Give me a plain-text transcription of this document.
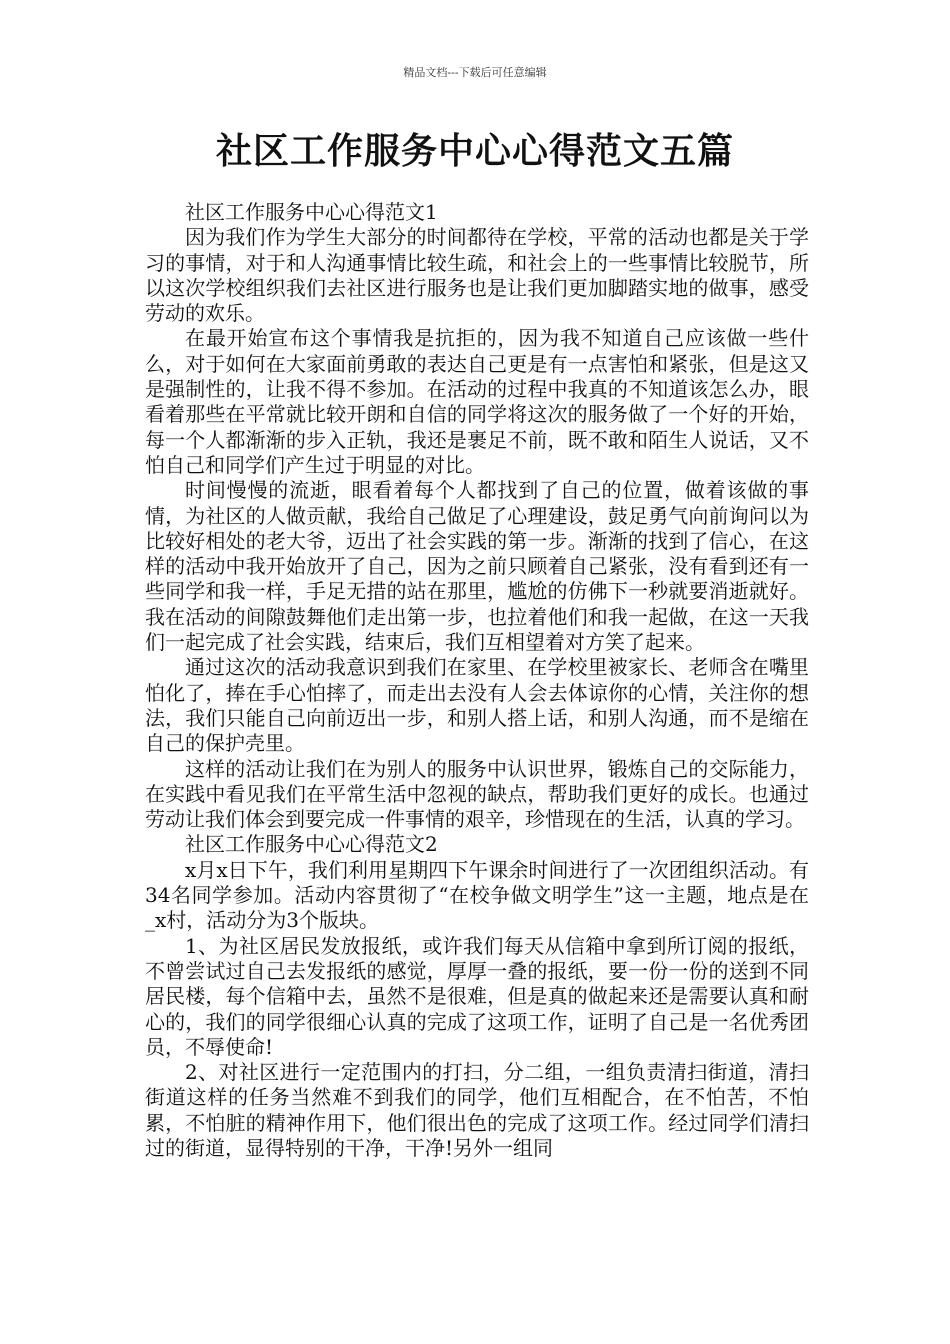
精品文档---下载后可任意编辑
社区工作服务中心心得范文五篇

社区工作服务中心心得范文1

因为我们作为学生大部分的时间都待在学校，平常的活动也都是关于学习的事情，对于和人沟通事情比较生疏，和社会上的一些事情比较脱节，所以这次学校组织我们去社区进行服务也是让我们更加脚踏实地的做事，感受劳动的欢乐。

在最开始宣布这个事情我是抗拒的，因为我不知道自己应该做一些什么，对于如何在大家面前勇敢的表达自己更是有一点害怕和紧张，但是这又是强制性的，让我不得不参加。在活动的过程中我真的不知道该怎么办，眼看着那些在平常就比较开朗和自信的同学将这次的服务做了一个好的开始，每一个人都渐渐的步入正轨，我还是裹足不前，既不敢和陌生人说话，又不怕自己和同学们产生过于明显的对比。

时间慢慢的流逝，眼看着每个人都找到了自己的位置，做着该做的事情，为社区的人做贡献，我给自己做足了心理建设，鼓足勇气向前询问以为比较好相处的老大爷，迈出了社会实践的第一步。渐渐的找到了信心，在这样的活动中我开始放开了自己，因为之前只顾着自己紧张，没有看到还有一些同学和我一样，手足无措的站在那里，尴尬的仿佛下一秒就要消逝就好。我在活动的间隙鼓舞他们走出第一步，也拉着他们和我一起做，在这一天我们一起完成了社会实践，结束后，我们互相望着对方笑了起来。

通过这次的活动我意识到我们在家里、在学校里被家长、老师含在嘴里怕化了，捧在手心怕摔了，而走出去没有人会去体谅你的心情，关注你的想法，我们只能自己向前迈出一步，和别人搭上话，和别人沟通，而不是缩在自己的保护壳里。

这样的活动让我们在为别人的服务中认识世界，锻炼自己的交际能力，在实践中看见我们在平常生活中忽视的缺点，帮助我们更好的成长。也通过劳动让我们体会到要完成一件事情的艰辛，珍惜现在的生活，认真的学习。

社区工作服务中心心得范文2

x月x日下午，我们利用星期四下午课余时间进行了一次团组织活动。有34名同学参加。活动内容贯彻了“在校争做文明学生”这一主题，地点是在_x村，活动分为3个版块。

1、为社区居民发放报纸，或许我们每天从信箱中拿到所订阅的报纸，不曾尝试过自己去发报纸的感觉，厚厚一叠的报纸，要一份一份的送到不同居民楼，每个信箱中去，虽然不是很难，但是真的做起来还是需要认真和耐心的，我们的同学很细心认真的完成了这项工作，证明了自己是一名优秀团员，不辱使命!

2、对社区进行一定范围内的打扫，分二组，一组负责清扫街道，清扫街道这样的任务当然难不到我们的同学，他们互相配合，在不怕苦，不怕累，不怕脏的精神作用下，他们很出色的完成了这项工作。经过同学们清扫过的街道，显得特别的干净，干净!另外一组同
